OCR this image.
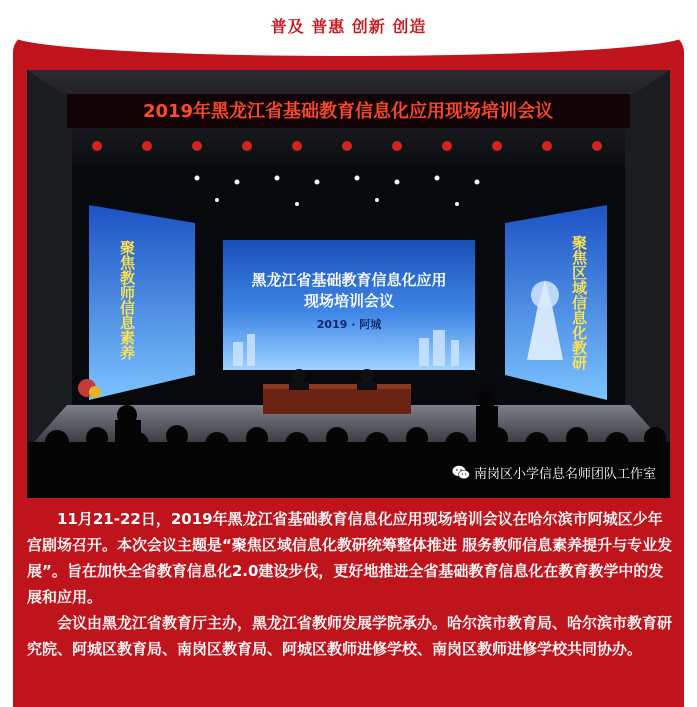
普及 普惠 创新 创造
2019年黑龙江省基础教育信息化应用现场培训会议
聚焦教师信息素养	聚焦区域信息化教研
黑龙江省基础教育信息化应用
现场培训会议
2019 · 阿城
南岗区小学信息名师团队工作室

11月21-22日，2019年黑龙江省基础教育信息化应用现场培训会议在哈尔滨市阿城区少年宫剧场召开。本次会议主题是“聚焦区域信息化教研统筹整体推进 服务教师信息素养提升与专业发展”。旨在加快全省教育信息化2.0建设步伐，更好地推进全省基础教育信息化在教育教学中的发展和应用。

会议由黑龙江省教育厅主办，黑龙江省教师发展学院承办。哈尔滨市教育局、哈尔滨市教育研究院、阿城区教育局、南岗区教育局、阿城区教师进修学校、南岗区教师进修学校共同协办。
